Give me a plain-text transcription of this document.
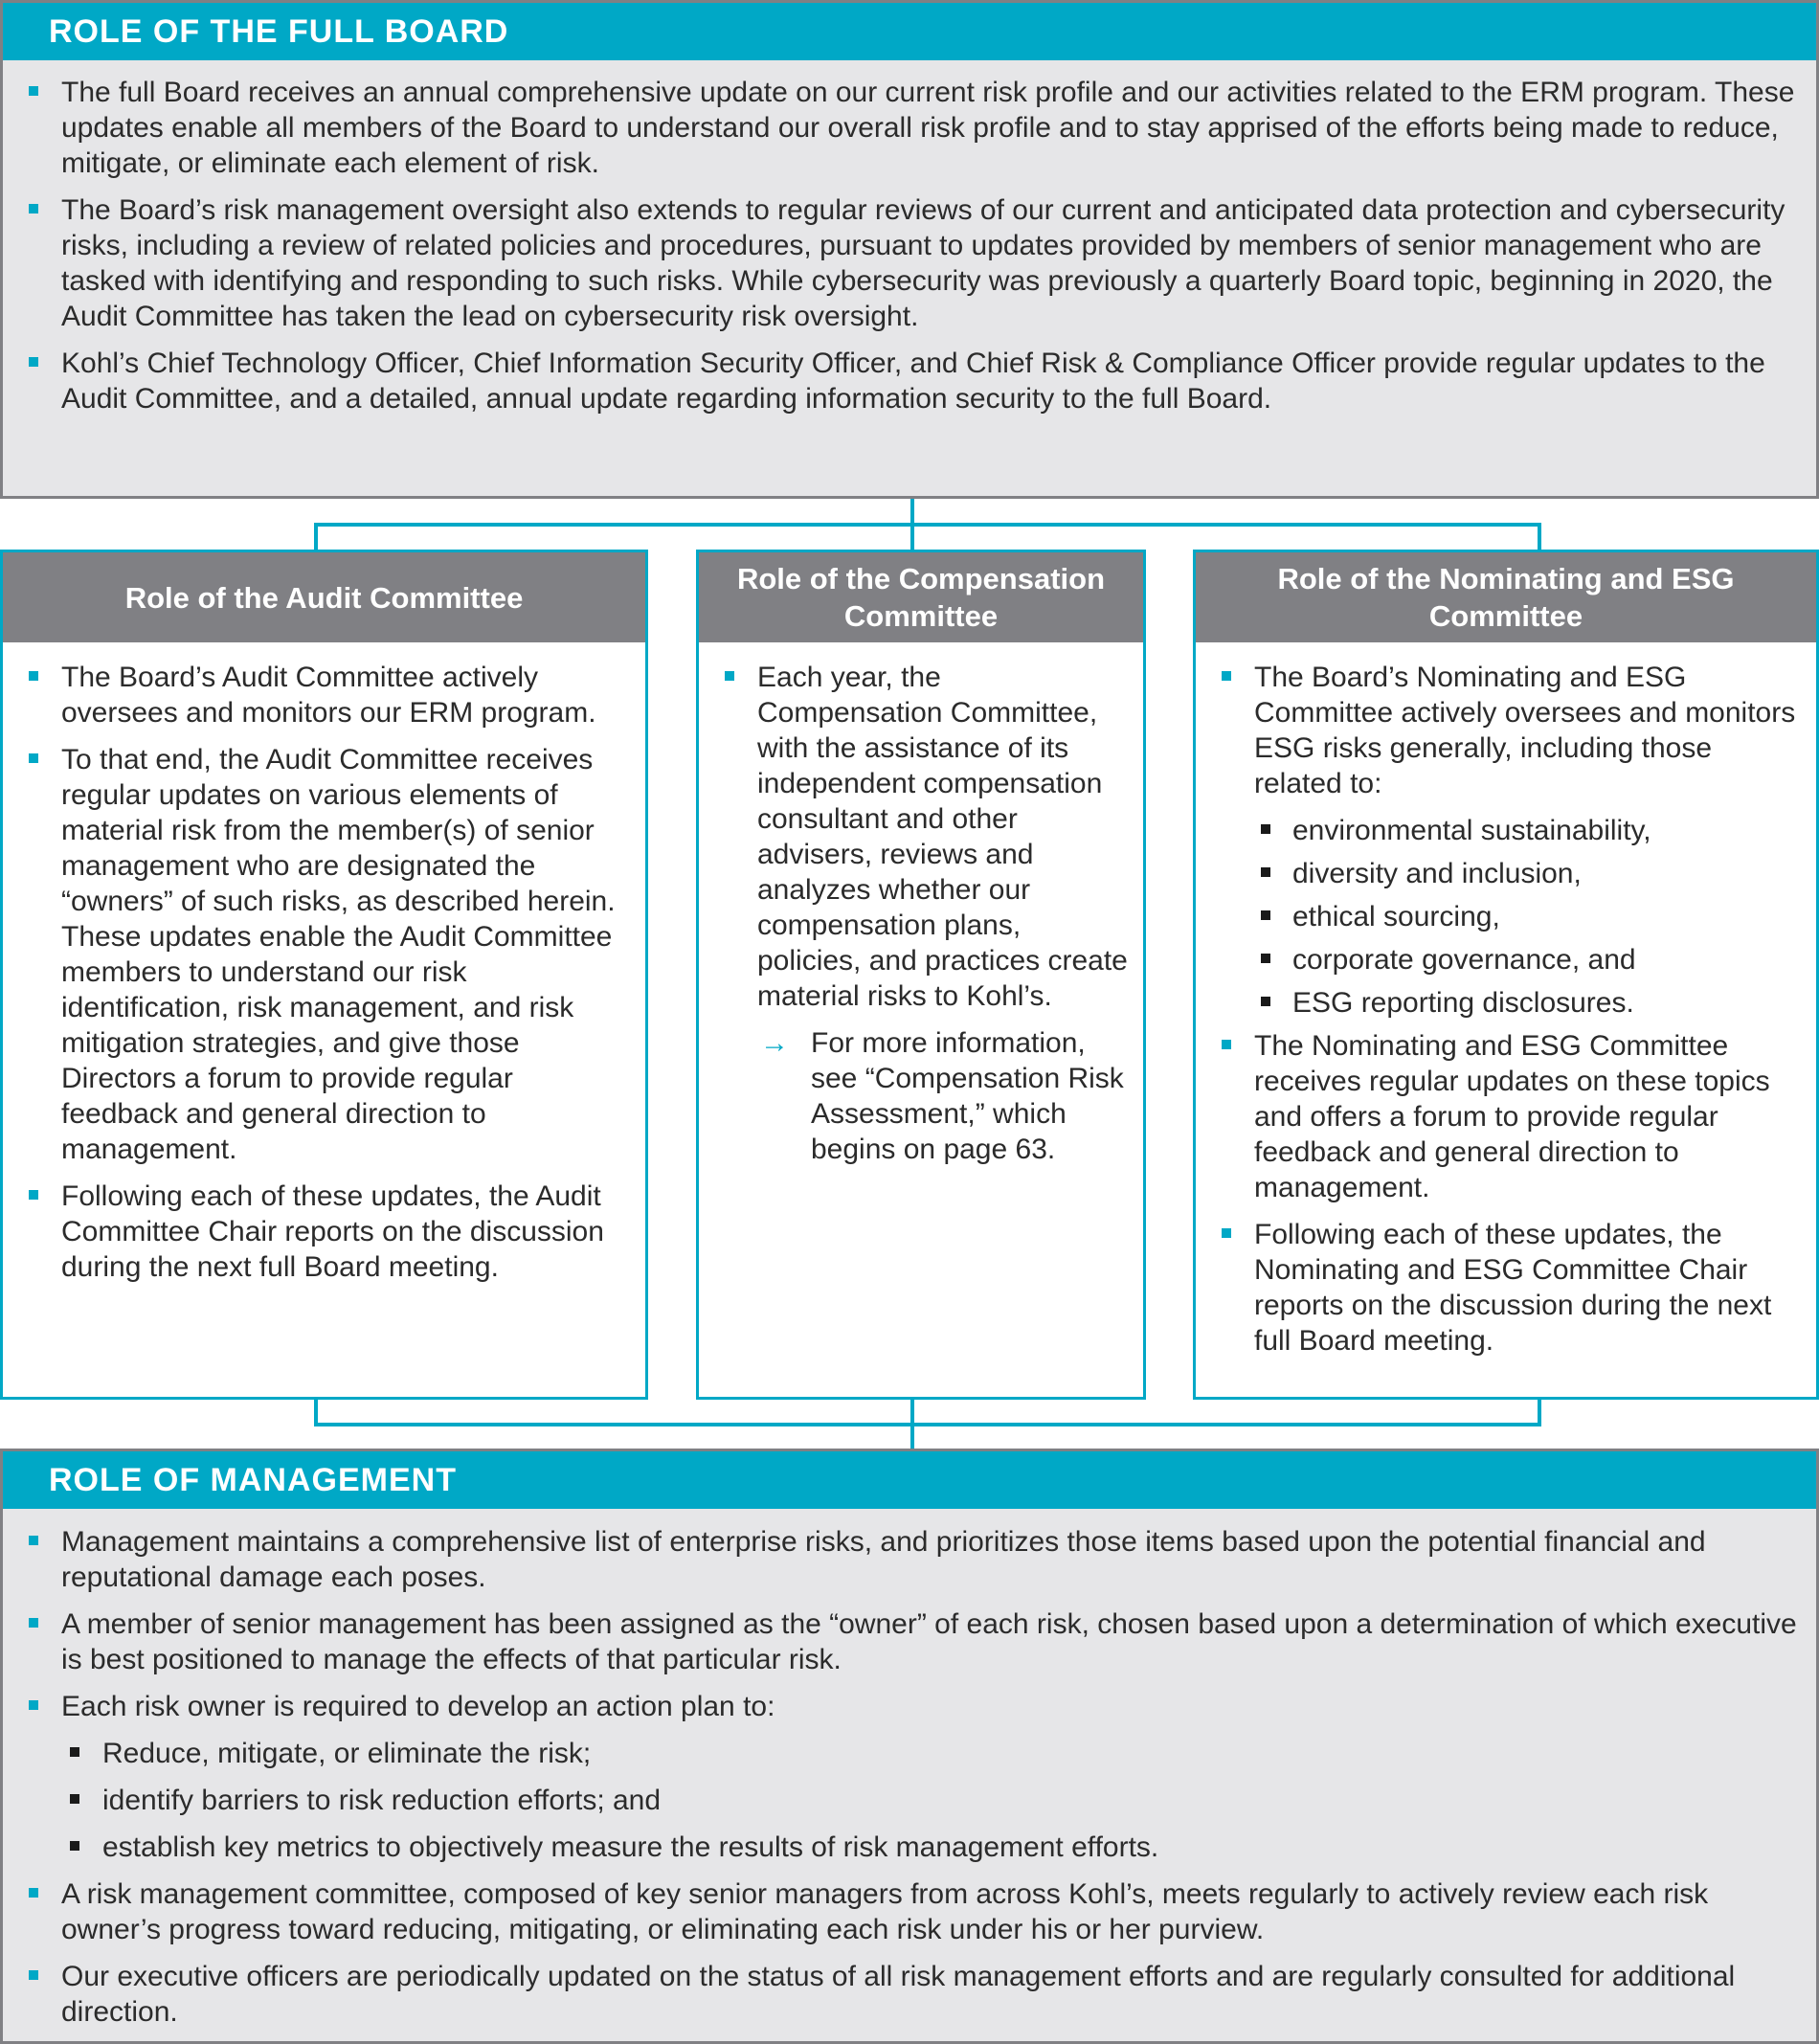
ROLE OF THE FULL BOARD
The full Board receives an annual comprehensive update on our current risk profile and our activities related to the ERM program. These updates enable all members of the Board to understand our overall risk profile and to stay apprised of the efforts being made to reduce, mitigate, or eliminate each element of risk.
The Board’s risk management oversight also extends to regular reviews of our current and anticipated data protection and cybersecurity risks, including a review of related policies and procedures, pursuant to updates provided by members of senior management who are tasked with identifying and responding to such risks. While cybersecurity was previously a quarterly Board topic, beginning in 2020, the Audit Committee has taken the lead on cybersecurity risk oversight.
Kohl’s Chief Technology Officer, Chief Information Security Officer, and Chief Risk & Compliance Officer provide regular updates to the Audit Committee, and a detailed, annual update regarding information security to the full Board.
Role of the Audit Committee
The Board’s Audit Committee actively oversees and monitors our ERM program.
To that end, the Audit Committee receives regular updates on various elements of material risk from the member(s) of senior management who are designated the “owners” of such risks, as described herein. These updates enable the Audit Committee members to understand our risk identification, risk management, and risk mitigation strategies, and give those Directors a forum to provide regular feedback and general direction to management.
Following each of these updates, the Audit Committee Chair reports on the discussion during the next full Board meeting.
Role of the Compensation Committee
Each year, the Compensation Committee, with the assistance of its independent compensation consultant and other advisers, reviews and analyzes whether our compensation plans, policies, and practices create material risks to Kohl’s.
→ For more information, see “Compensation Risk Assessment,” which begins on page 63.
Role of the Nominating and ESG Committee
The Board’s Nominating and ESG Committee actively oversees and monitors ESG risks generally, including those related to:
environmental sustainability,
diversity and inclusion,
ethical sourcing,
corporate governance, and
ESG reporting disclosures.
The Nominating and ESG Committee receives regular updates on these topics and offers a forum to provide regular feedback and general direction to management.
Following each of these updates, the Nominating and ESG Committee Chair reports on the discussion during the next full Board meeting.
ROLE OF MANAGEMENT
Management maintains a comprehensive list of enterprise risks, and prioritizes those items based upon the potential financial and reputational damage each poses.
A member of senior management has been assigned as the “owner” of each risk, chosen based upon a determination of which executive is best positioned to manage the effects of that particular risk.
Each risk owner is required to develop an action plan to:
Reduce, mitigate, or eliminate the risk;
identify barriers to risk reduction efforts; and
establish key metrics to objectively measure the results of risk management efforts.
A risk management committee, composed of key senior managers from across Kohl’s, meets regularly to actively review each risk owner’s progress toward reducing, mitigating, or eliminating each risk under his or her purview.
Our executive officers are periodically updated on the status of all risk management efforts and are regularly consulted for additional direction.
